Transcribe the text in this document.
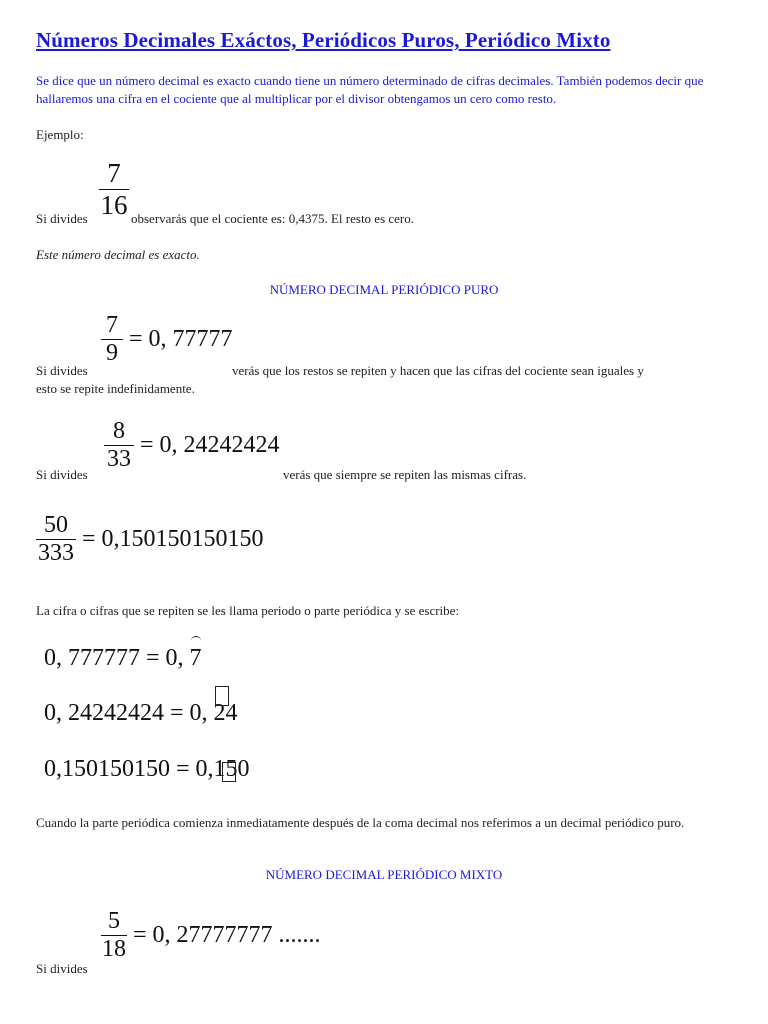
Números Decimales Exáctos, Periódicos Puros, Periódico Mixto
Se dice que un número decimal es exacto cuando tiene un número determinado de cifras decimales. También podemos decir que hallaremos una cifra en el cociente que al multiplicar por el divisor obtengamos un cero como resto.
Ejemplo:
Si divides
7
16 observarás que el cociente es: 0,4375. El resto es cero.
Este número decimal es exacto.
NÚMERO DECIMAL PERIÓDICO PURO
$\frac{7}{9} = 0$, 77777
Si divides	verás que los restos se repiten y hacen que las cifras del cociente sean iguales y
esto se repite indefinidamente.
$\frac{8}{33} = 0$, 24242424
Si divides	verás que siempre se repiten las mismas cifras.
$\frac{50}{333} = 0,150150150150$
La cifra o cifras que se repiten se les llama periodo o parte periódica y se escribe:
0, 777777 = 0,
7
0, 24242424 = 0,
24
0,150150150 = 0,1
50
Cuando la parte periódica comienza inmediatamente después de la coma decimal nos referimos a un decimal periódico puro.
NÚMERO DECIMAL PERIÓDICO MIXTO
$\frac{5}{18} = 0$, 27777777 .......
Si divides
